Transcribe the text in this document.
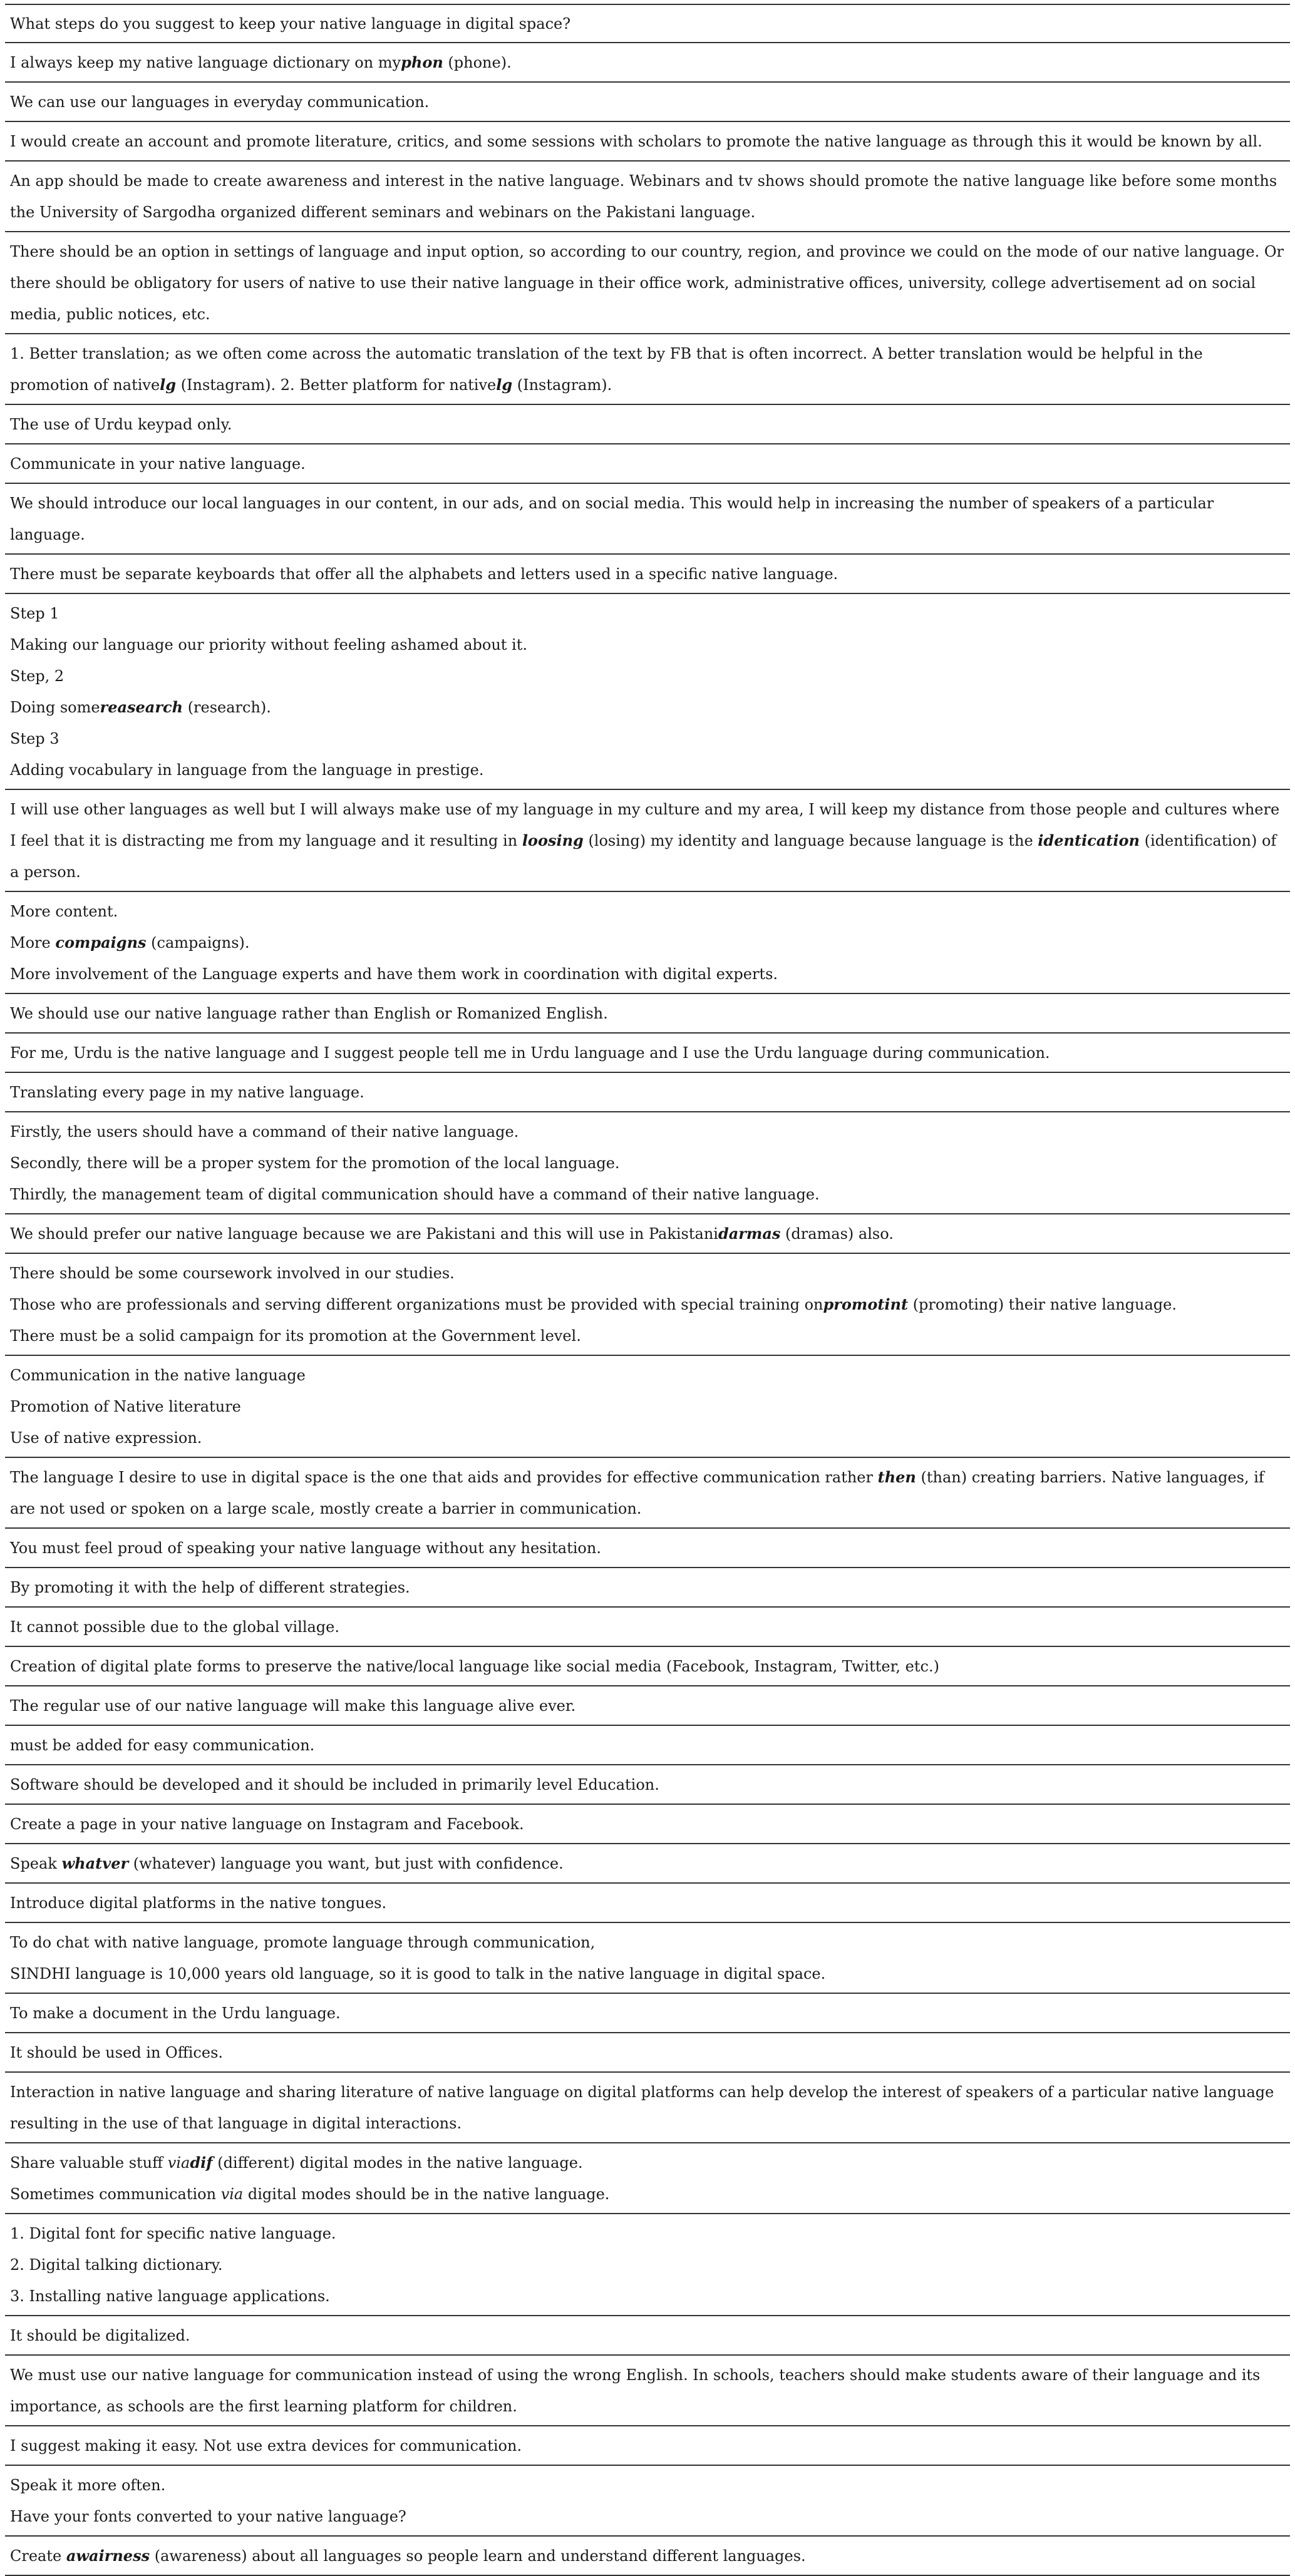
What steps do you suggest to keep your native language in digital space?

I always keep my native language dictionary on myphon (phone).

We can use our languages in everyday communication.

I would create an account and promote literature, critics, and some sessions with scholars to promote the native language as through this it would be known by all.

An app should be made to create awareness and interest in the native language. Webinars and tv shows should promote the native language like before some months the University of Sargodha organized different seminars and webinars on the Pakistani language.

There should be an option in settings of language and input option, so according to our country, region, and province we could on the mode of our native language. Or there should be obligatory for users of native to use their native language in their office work, administrative offices, university, college advertisement ad on social media, public notices, etc.

1. Better translation; as we often come across the automatic translation of the text by FB that is often incorrect. A better translation would be helpful in the promotion of nativelg (Instagram). 2. Better platform for nativelg (Instagram).

The use of Urdu keypad only.

Communicate in your native language.

We should introduce our local languages in our content, in our ads, and on social media. This would help in increasing the number of speakers of a particular language.

There must be separate keyboards that offer all the alphabets and letters used in a specific native language.

Step 1
Making our language our priority without feeling ashamed about it.
Step, 2
Doing somereasearch (research).
Step 3
Adding vocabulary in language from the language in prestige.

I will use other languages as well but I will always make use of my language in my culture and my area, I will keep my distance from those people and cultures where I feel that it is distracting me from my language and it resulting in loosing (losing) my identity and language because language is the identication (identification) of a person.

More content.
More compaigns (campaigns).
More involvement of the Language experts and have them work in coordination with digital experts.

We should use our native language rather than English or Romanized English.

For me, Urdu is the native language and I suggest people tell me in Urdu language and I use the Urdu language during communication.

Translating every page in my native language.

Firstly, the users should have a command of their native language.
Secondly, there will be a proper system for the promotion of the local language.
Thirdly, the management team of digital communication should have a command of their native language.

We should prefer our native language because we are Pakistani and this will use in Pakistanidarmas (dramas) also.

There should be some coursework involved in our studies.
Those who are professionals and serving different organizations must be provided with special training onpromotint (promoting) their native language.
There must be a solid campaign for its promotion at the Government level.

Communication in the native language
Promotion of Native literature
Use of native expression.

The language I desire to use in digital space is the one that aids and provides for effective communication rather then (than) creating barriers. Native languages, if are not used or spoken on a large scale, mostly create a barrier in communication.

You must feel proud of speaking your native language without any hesitation.

By promoting it with the help of different strategies.

It cannot possible due to the global village.

Creation of digital plate forms to preserve the native/local language like social media (Facebook, Instagram, Twitter, etc.)

The regular use of our native language will make this language alive ever.

must be added for easy communication.

Software should be developed and it should be included in primarily level Education.

Create a page in your native language on Instagram and Facebook.

Speak whatver (whatever) language you want, but just with confidence.

Introduce digital platforms in the native tongues.

To do chat with native language, promote language through communication,
SINDHI language is 10,000 years old language, so it is good to talk in the native language in digital space.

To make a document in the Urdu language.

It should be used in Offices.

Interaction in native language and sharing literature of native language on digital platforms can help develop the interest of speakers of a particular native language resulting in the use of that language in digital interactions.

Share valuable stuff viadif (different) digital modes in the native language.
Sometimes communication via digital modes should be in the native language.

1. Digital font for specific native language.
2. Digital talking dictionary.
3. Installing native language applications.

It should be digitalized.

We must use our native language for communication instead of using the wrong English. In schools, teachers should make students aware of their language and its importance, as schools are the first learning platform for children.

I suggest making it easy. Not use extra devices for communication.

Speak it more often.
Have your fonts converted to your native language?

Create awairness (awareness) about all languages so people learn and understand different languages.
